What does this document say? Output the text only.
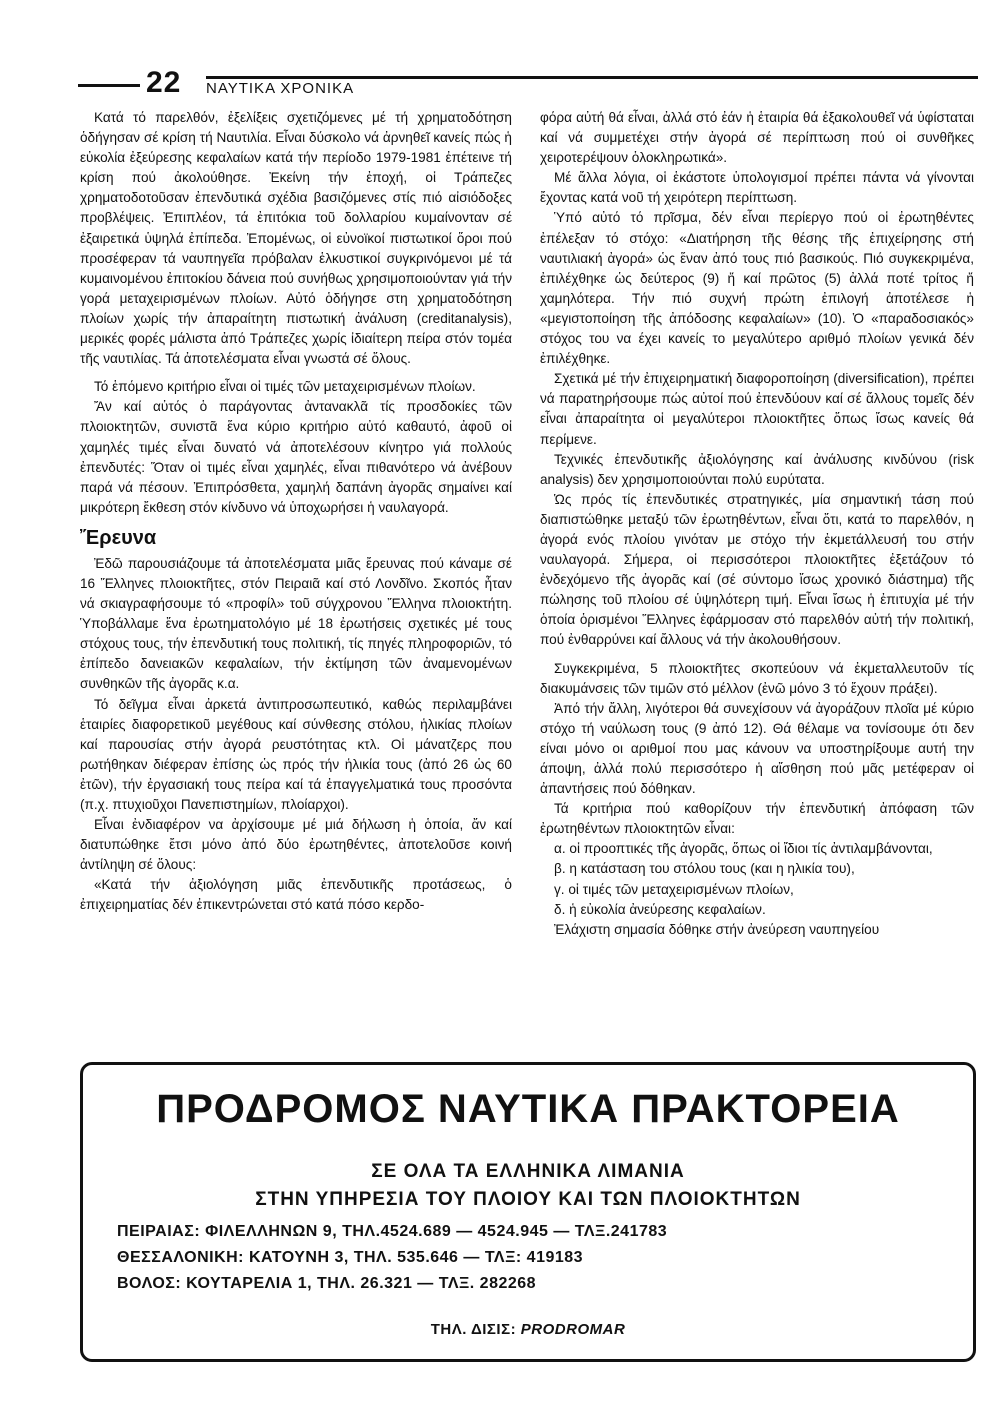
22 ΝΑΥΤΙΚΑ ΧΡΟΝΙΚΑ

Κατά τό παρελθόν, ἐξελίξεις σχετιζόμενες μέ τή χρηματοδότηση ὁδήγησαν σέ κρίση τή Ναυτιλία. Εἶναι δύσκολο νά ἀρνηθεῖ κανείς πώς ἡ εὐκολία ἐξεύρεσης κεφαλαίων κατά τήν περίοδο 1979-1981 ἐπέτεινε τή κρίση πού ἀκολούθησε. Ἐκείνη τήν ἐποχή, οἱ Τράπεζες χρηματοδοτοῦσαν ἐπενδυτικά σχέδια βασιζόμενες στίς πιό αἰσιόδοξες προβλέψεις. Ἐπιπλέον, τά ἐπιτόκια τοῦ δολλαρίου κυμαίνονταν σέ ἐξαιρετικά ὑψηλά ἐπίπεδα. Ἐπομένως, οἱ εὐνοϊκοί πιστωτικοί ὅροι πού προσέφεραν τά ναυπηγεῖα πρόβαλαν ἑλκυστικοί συγκρινόμενοι μέ τά κυμαινομένου ἐπιτοκίου δάνεια πού συνήθως χρησιμοποιούνταν γιά τήν γορά μεταχειρισμένων πλοίων. Αὐτό ὁδήγησε στη χρηματοδότηση πλοίων χωρίς τήν ἀπαραίτητη πιστωτική ἀνάλυση (creditanalysis), μερικές φορές μάλιστα ἀπό Τράπεζες χωρίς ἰδιαίτερη πείρα στόν τομέα τῆς ναυτιλίας. Τά ἀποτελέσματα εἶναι γνωστά σέ ὅλους.

Τό ἑπόμενο κριτήριο εἶναι οἱ τιμές τῶν μεταχειρισμένων πλοίων.

Ἄν καί αὐτός ὁ παράγοντας ἀντανακλᾶ τίς προσδοκίες τῶν πλοιοκτητῶν, συνιστᾶ ἕνα κύριο κριτήριο αὐτό καθαυτό, ἀφοῦ οἱ χαμηλές τιμές εἶναι δυνατό νά ἀποτελέσουν κίνητρο γιά πολλούς ἐπενδυτές: Ὅταν οἱ τιμές εἶναι χαμηλές, εἶναι πιθανότερο νά ἀνέβουν παρά νά πέσουν. Ἐπιπρόσθετα, χαμηλή δαπάνη ἀγορᾶς σημαίνει καί μικρότερη ἔκθεση στόν κίνδυνο νά ὑποχωρήσει ἡ ναυλαγορά.

Ἔρευνα

Ἐδῶ παρουσιάζουμε τά ἀποτελέσματα μιᾶς ἔρευνας πού κάναμε σέ 16 Ἕλληνες πλοιοκτῆτες, στόν Πειραιᾶ καί στό Λονδῖνο. Σκοπός ἦταν νά σκιαγραφήσουμε τό «προφίλ» τοῦ σύγχρονου Ἕλληνα πλοιοκτήτη. Ὑποβάλλαμε ἕνα ἐρωτηματολόγιο μέ 18 ἐρωτήσεις σχετικές μέ τους στόχους τους, τήν ἐπενδυτική τους πολιτική, τίς πηγές πληροφοριῶν, τό ἐπίπεδο δανειακῶν κεφαλαίων, τήν ἐκτίμηση τῶν ἀναμενομένων συνθηκῶν τῆς ἀγορᾶς κ.α.

Τό δεῖγμα εἶναι ἀρκετά ἀντιπροσωπευτικό, καθώς περιλαμβάνει ἑταιρίες διαφορετικοῦ μεγέθους καί σύνθεσης στόλου, ἡλικίας πλοίων καί παρουσίας στήν ἀγορά ρευστότητας κτλ. Οἱ μάνατζερς που ρωτήθηκαν διέφεραν ἐπίσης ὡς πρός τήν ἡλικία τους (ἀπό 26 ὡς 60 ἐτῶν), τήν ἐργασιακή τους πείρα καί τά ἐπαγγελματικά τους προσόντα (π.χ. πτυχιοῦχοι Πανεπιστημίων, πλοίαρχοι).

Εἶναι ἐνδιαφέρον να ἀρχίσουμε μέ μιά δήλωση ἡ ὁποία, ἄν καί διατυπώθηκε ἔτσι μόνο ἀπό δύο ἐρωτηθέντες, ἀποτελοῦσε κοινή ἀντίληψη σέ ὅλους:

«Κατά τήν ἀξιολόγηση μιᾶς ἐπενδυτικῆς προτάσεως, ὁ ἐπιχειρηματίας δέν ἐπικεντρώνεται στό κατά πόσο κερδο-

φόρα αὐτή θά εἶναι, ἀλλά στό ἐάν ἡ ἑταιρία θά ἐξακολουθεῖ νά ὑφίσταται καί νά συμμετέχει στήν ἀγορά σέ περίπτωση πού οἱ συνθῆκες χειροτερέψουν ὁλοκληρωτικά».

Μέ ἄλλα λόγια, οἱ ἑκάστοτε ὑπολογισμοί πρέπει πάντα νά γίνονται ἔχοντας κατά νοῦ τή χειρότερη περίπτωση.

Ὑπό αὐτό τό πρῖσμα, δέν εἶναι περίεργο πού οἱ ἐρωτηθέντες ἐπέλεξαν τό στόχο: «Διατήρηση τῆς θέσης τῆς ἐπιχείρησης στή ναυτιλιακή ἀγορά» ὡς ἕναν ἀπό τους πιό βασικούς. Πιό συγκεκριμένα, ἐπιλέχθηκε ὡς δεύτερος (9) ἤ καί πρῶτος (5) ἀλλά ποτέ τρίτος ἤ χαμηλότερα. Τήν πιό συχνή πρώτη ἐπιλογή ἀποτέλεσε ἡ «μεγιστοποίηση τῆς ἀπόδοσης κεφαλαίων» (10). Ὁ «παραδοσιακός» στόχος του να έχει κανείς το μεγαλύτερο αριθμό πλοίων γενικά δέν ἐπιλέχθηκε.

Σχετικά μέ τήν ἐπιχειρηματική διαφοροποίηση (diversification), πρέπει νά παρατηρήσουμε πώς αὐτοί πού ἐπενδύουν καί σέ ἄλλους τομεῖς δέν εἶναι ἀπαραίτητα οἱ μεγαλύτεροι πλοιοκτῆτες ὅπως ἴσως κανείς θά περίμενε.

Τεχνικές ἐπενδυτικῆς ἀξιολόγησης καί ἀνάλυσης κινδύνου (risk analysis) δεν χρησιμοποιούνται πολύ ευρύτατα.

Ὡς πρός τίς ἐπενδυτικές στρατηγικές, μία σημαντική τάση πού διαπιστώθηκε μεταξύ τῶν ἐρωτηθέντων, εἶναι ὅτι, κατά το παρελθόν, η ἀγορά ενός πλοίου γινόταν με στόχο τήν ἐκμετάλλευσή του στήν ναυλαγορά. Σήμερα, οἱ περισσότεροι πλοιοκτῆτες ἐξετάζουν τό ἐνδεχόμενο τῆς ἀγορᾶς καί (σέ σύντομο ἴσως χρονικό διάστημα) τῆς πώλησης τοῦ πλοίου σέ ὑψηλότερη τιμή. Εἶναι ἴσως ἡ ἐπιτυχία μέ τήν ὁποία ὁρισμένοι Ἕλληνες ἐφάρμοσαν στό παρελθόν αὐτή τήν πολιτική, πού ἐνθαρρύνει καί ἄλλους νά τήν ἀκολουθήσουν.

Συγκεκριμένα, 5 πλοιοκτῆτες σκοπεύουν νά ἐκμεταλλευτοῦν τίς διακυμάνσεις τῶν τιμῶν στό μέλλον (ἐνῶ μόνο 3 τό ἔχουν πράξει).

Ἀπό τήν ἄλλη, λιγότεροι θά συνεχίσουν νά ἀγοράζουν πλοῖα μέ κύριο στόχο τή ναύλωση τους (9 ἀπό 12). Θά θέλαμε να τονίσουμε ότι δεν είναι μόνο οι αριθμοί που μας κάνουν να υποστηρίξουμε αυτή την άποψη, ἀλλά πολύ περισσότερο ἡ αἴσθηση πού μᾶς μετέφεραν οἱ ἀπαντήσεις πού δόθηκαν.

Τά κριτήρια πού καθορίζουν τήν ἐπενδυτική ἀπόφαση τῶν ἐρωτηθέντων πλοιοκτητῶν εἶναι:

α. οἱ προοπτικές τῆς ἀγορᾶς, ὅπως οἱ ἴδιοι τίς ἀντιλαμβάνονται,

β. η κατάσταση του στόλου τους (και η ηλικία του),

γ. οἱ τιμές τῶν μεταχειρισμένων πλοίων,

δ. ἡ εὐκολία ἀνεύρεσης κεφαλαίων.

Ἐλάχιστη σημασία δόθηκε στήν ἀνεύρεση ναυπηγείου

ΠΡΟΔΡΟΜΟΣ ΝΑΥΤΙΚΑ ΠΡΑΚΤΟΡΕΙΑ
ΣΕ ΟΛΑ ΤΑ ΕΛΛΗΝΙΚΑ ΛΙΜΑΝΙΑ
ΣΤΗΝ ΥΠΗΡΕΣΙΑ ΤΟΥ ΠΛΟΙΟΥ ΚΑΙ ΤΩΝ ΠΛΟΙΟΚΤΗΤΩΝ
ΠΕΙΡΑΙΑΣ: ΦΙΛΕΛΛΗΝΩΝ 9, ΤΗΛ.4524.689 — 4524.945 — ΤΛΞ.241783
ΘΕΣΣΑΛΟΝΙΚΗ: ΚΑΤΟΥΝΗ 3, ΤΗΛ. 535.646 — ΤΛΞ: 419183
ΒΟΛΟΣ: ΚΟΥΤΑΡΕΛΙΑ 1, ΤΗΛ. 26.321 — ΤΛΞ. 282268
ΤΗΛ. ΔΙΣΙΣ: PRODROMAR
